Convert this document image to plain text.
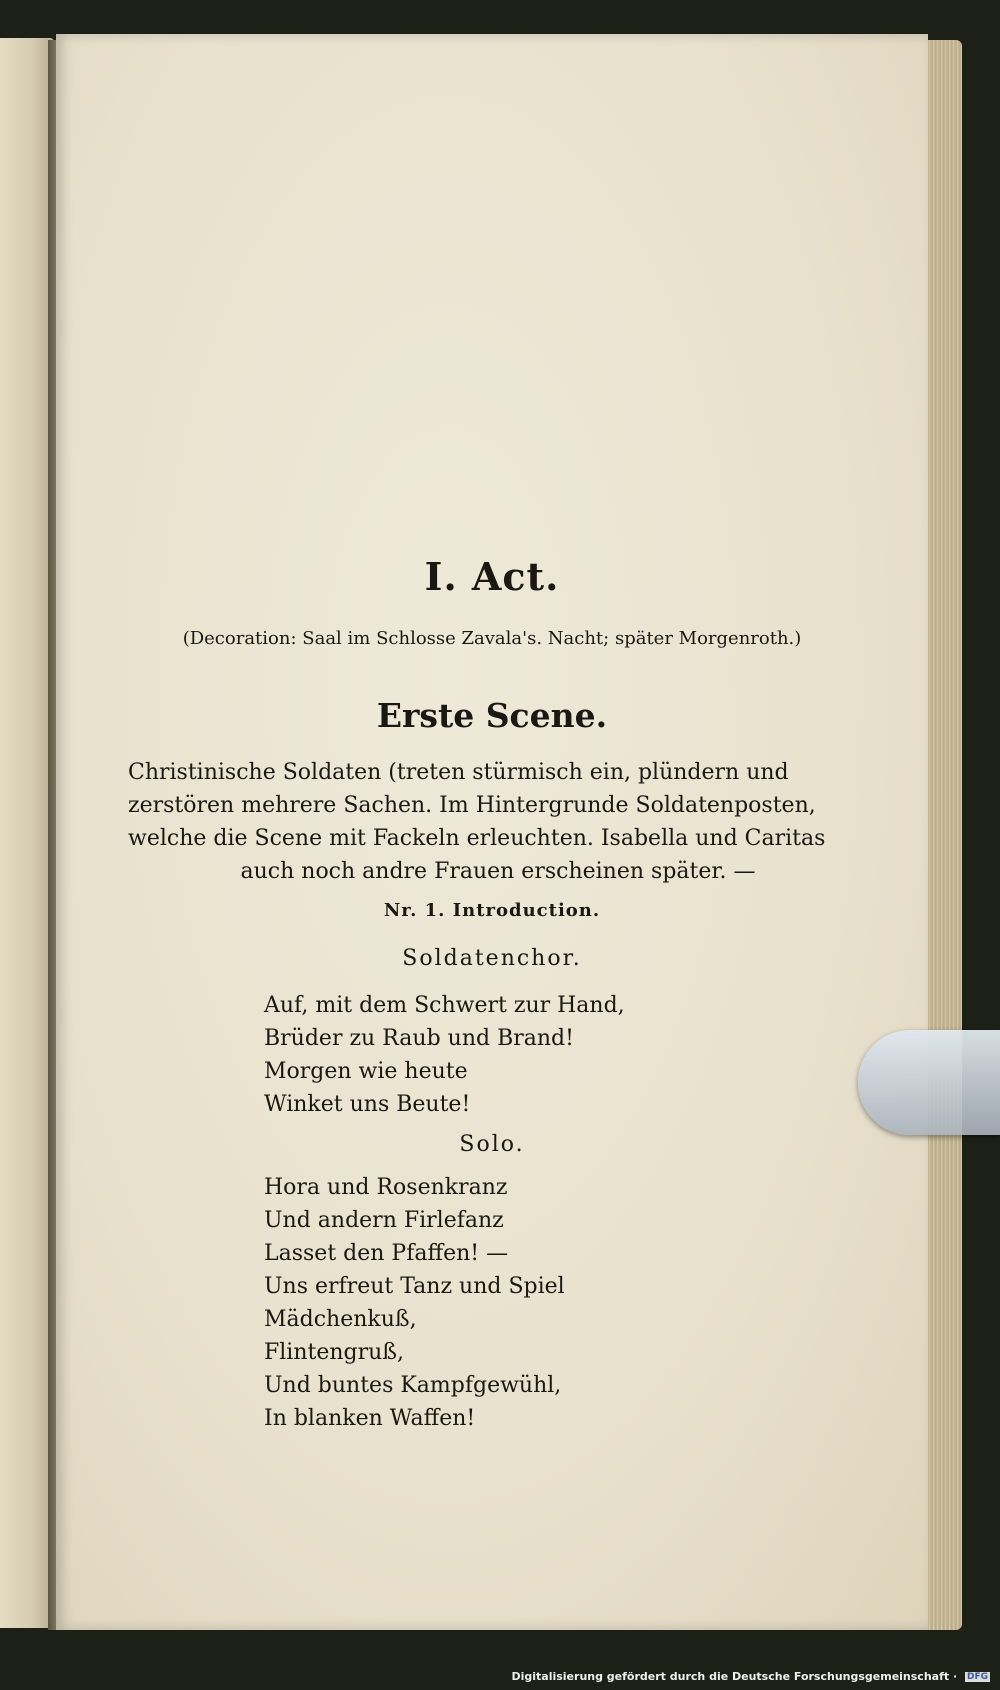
I. Act.
(Decoration: Saal im Schlosse Zavala's. Nacht; später Morgenroth.)
Erste Scene.
Christinische Soldaten (treten stürmisch ein, plündern und
zerstören mehrere Sachen. Im Hintergrunde Soldatenposten,
welche die Scene mit Fackeln erleuchten. Isabella und Caritas
auch noch andre Frauen erscheinen später. —
Nr. 1. Introduction.
Soldatenchor.
Auf, mit dem Schwert zur Hand,
Brüder zu Raub und Brand!
Morgen wie heute
Winket uns Beute!
Solo.
Hora und Rosenkranz
Und andern Firlefanz
Lasset den Pfaffen! —
Uns erfreut Tanz und Spiel
Mädchenkuß,
Flintengruß,
Und buntes Kampfgewühl,
In blanken Waffen!
Digitalisierung gefördert durch die Deutsche Forschungsgemeinschaft · DFG
